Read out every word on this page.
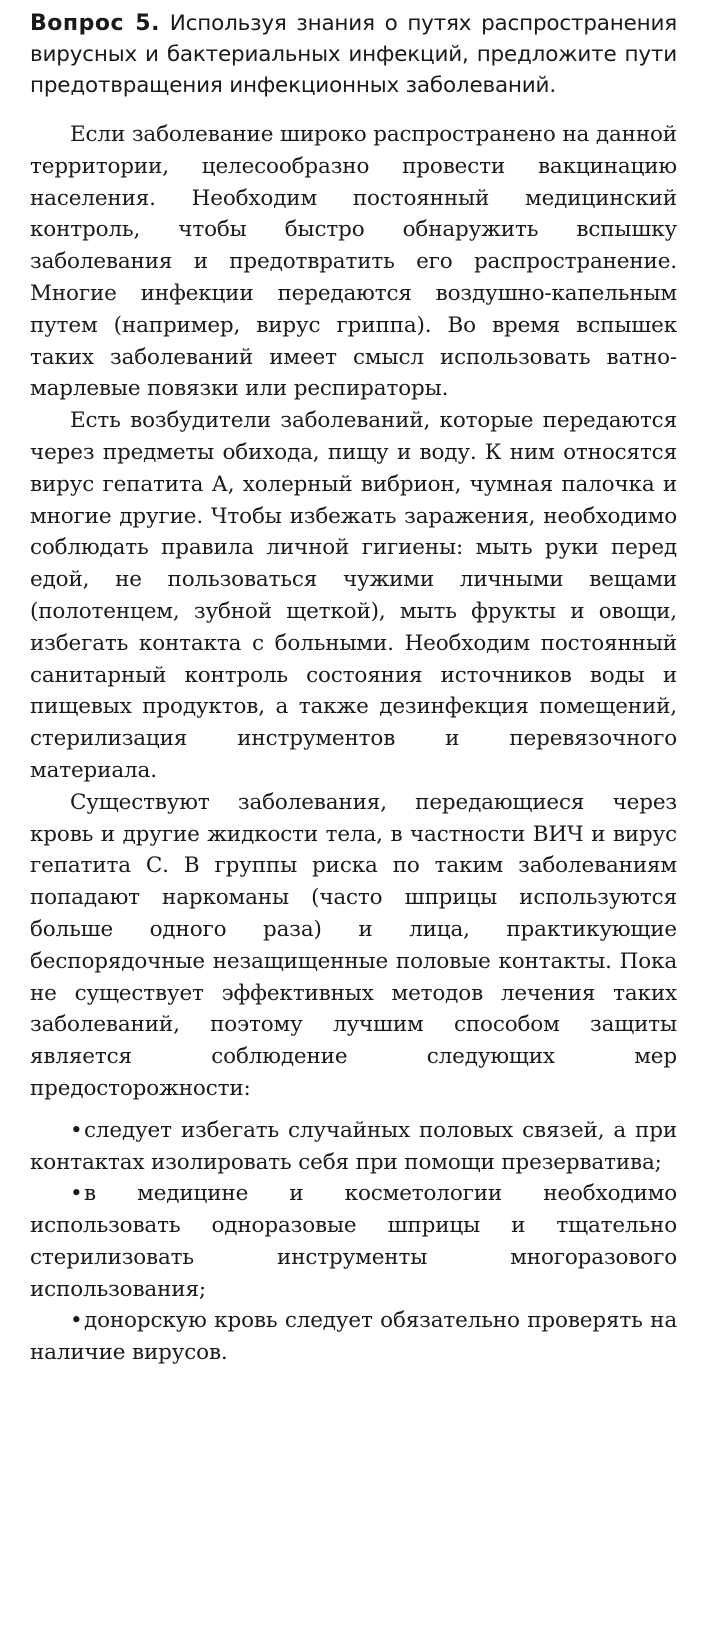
Вопрос 5. Используя знания о путях распространения вирусных и бактериальных инфекций, предложите пути предотвращения инфекционных заболеваний.

Если заболевание широко распространено на данной территории, целесообразно провести вакцинацию населения. Необходим постоянный медицинский контроль, чтобы быстро обнаружить вспышку заболевания и предотвратить его распространение. Многие инфекции передаются воздушно-капельным путем (например, вирус гриппа). Во время вспышек таких заболеваний имеет смысл использовать ватно-марлевые повязки или респираторы.

Есть возбудители заболеваний, которые передаются через предметы обихода, пищу и воду. К ним относятся вирус гепатита А, холерный вибрион, чумная палочка и многие другие. Чтобы избежать заражения, необходимо соблюдать правила личной гигиены: мыть руки перед едой, не пользоваться чужими личными вещами (полотенцем, зубной щеткой), мыть фрукты и овощи, избегать контакта с больными. Необходим постоянный санитарный контроль состояния источников воды и пищевых продуктов, а также дезинфекция помещений, стерилизация инструментов и перевязочного материала.

Существуют заболевания, передающиеся через кровь и другие жидкости тела, в частности ВИЧ и вирус гепатита С. В группы риска по таким заболеваниям попадают наркоманы (часто шприцы используются больше одного раза) и лица, практикующие беспорядочные незащищенные половые контакты. Пока не существует эффективных методов лечения таких заболеваний, поэтому лучшим способом защиты является соблюдение следующих мер предосторожности:

•следует избегать случайных половых связей, а при контактах изолировать себя при помощи презерватива;
•в медицине и косметологии необходимо использовать одноразовые шприцы и тщательно стерилизовать инструменты многоразового использования;
•донорскую кровь следует обязательно проверять на наличие вирусов.
